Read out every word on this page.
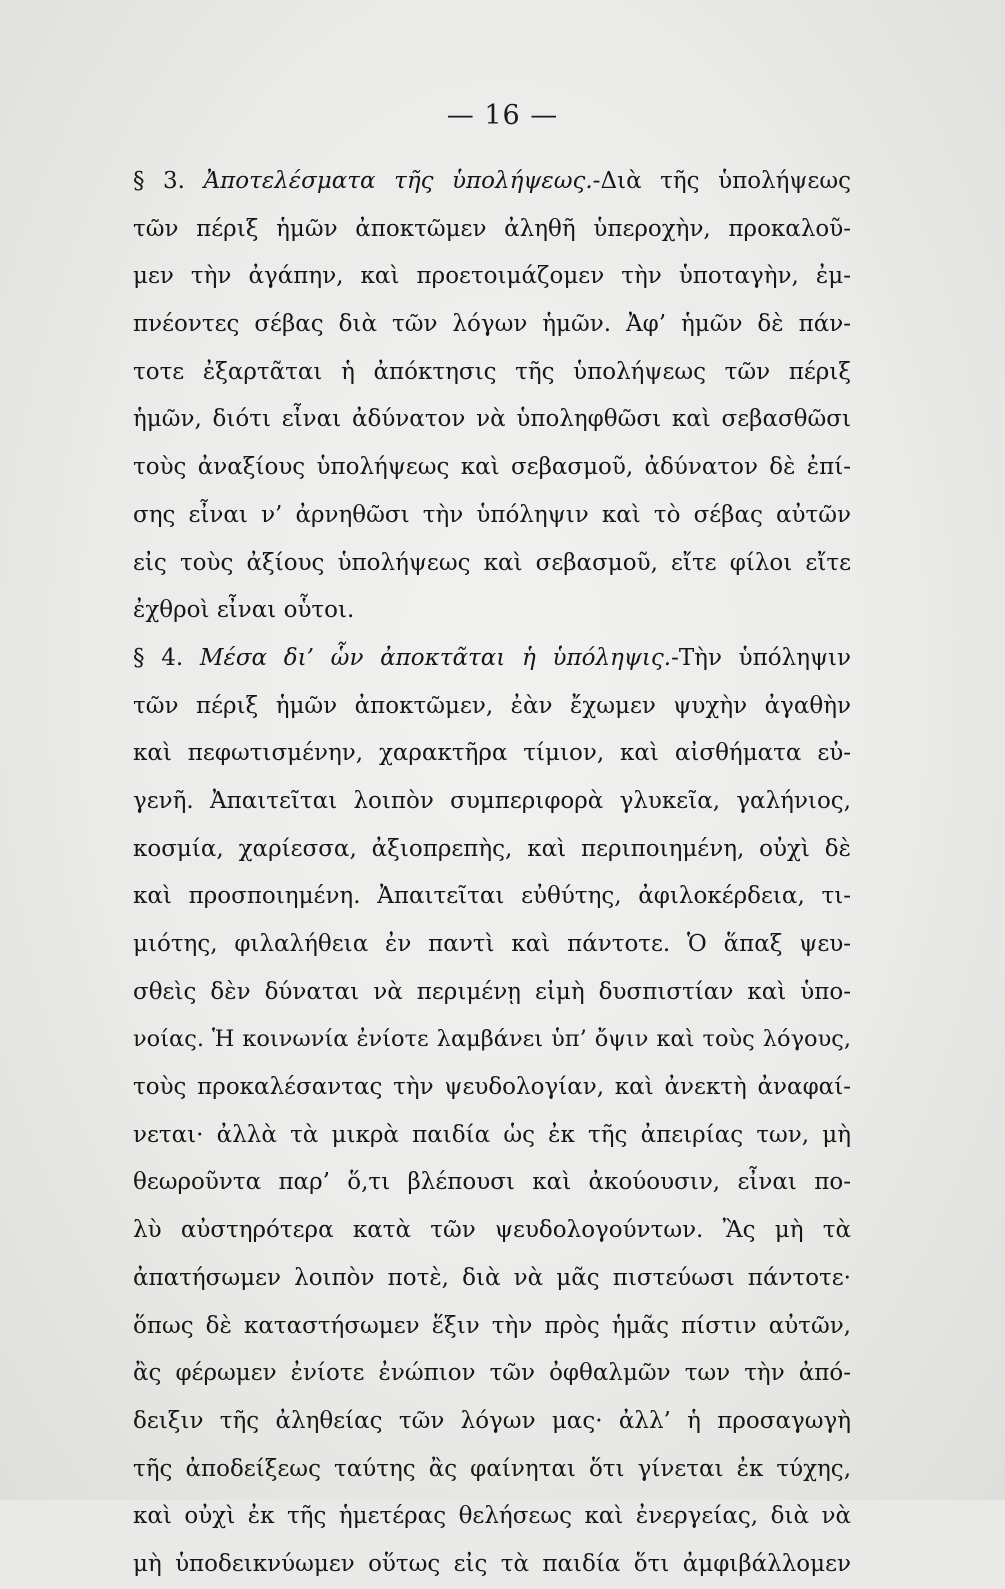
— 16 —
§ 3. Ἀποτελέσματα τῆς ὑπολήψεως.-Διὰ τῆς ὑπολήψεως
τῶν πέριξ ἡμῶν ἀποκτῶμεν ἀληθῆ ὑπεροχὴν, προκαλοῦ-
μεν τὴν ἀγάπην, καὶ προετοιμάζομεν τὴν ὑποταγὴν, ἐμ-
πνέοντες σέβας διὰ τῶν λόγων ἡμῶν. Ἀφ’ ἡμῶν δὲ πάν-
τοτε ἐξαρτᾶται ἡ ἀπόκτησις τῆς ὑπολήψεως τῶν πέριξ
ἡμῶν, διότι εἶναι ἀδύνατον νὰ ὑποληφθῶσι καὶ σεβασθῶσι
τοὺς ἀναξίους ὑπολήψεως καὶ σεβασμοῦ, ἀδύνατον δὲ ἐπί-
σης εἶναι ν’ ἀρνηθῶσι τὴν ὑπόληψιν καὶ τὸ σέβας αὐτῶν
εἰς τοὺς ἀξίους ὑπολήψεως καὶ σεβασμοῦ, εἴτε φίλοι εἴτε
ἐχθροὶ εἶναι οὗτοι.
§ 4. Μέσα δι’ ὧν ἀποκτᾶται ἡ ὑπόληψις.-Τὴν ὑπόληψιν
τῶν πέριξ ἡμῶν ἀποκτῶμεν, ἐὰν ἔχωμεν ψυχὴν ἀγαθὴν
καὶ πεφωτισμένην, χαρακτῆρα τίμιον, καὶ αἰσθήματα εὐ-
γενῆ. Ἀπαιτεῖται λοιπὸν συμπεριφορὰ γλυκεῖα, γαλήνιος,
κοσμία, χαρίεσσα, ἀξιοπρεπὴς, καὶ περιποιημένη, οὐχὶ δὲ
καὶ προσποιημένη. Ἀπαιτεῖται εὐθύτης, ἀφιλοκέρδεια, τι-
μιότης, φιλαλήθεια ἐν παντὶ καὶ πάντοτε. Ὁ ἅπαξ ψευ-
σθεὶς δὲν δύναται νὰ περιμένῃ εἰμὴ δυσπιστίαν καὶ ὑπο-
νοίας. Ἡ κοινωνία ἐνίοτε λαμβάνει ὑπ’ ὄψιν καὶ τοὺς λόγους,
τοὺς προκαλέσαντας τὴν ψευδολογίαν, καὶ ἀνεκτὴ ἀναφαί-
νεται· ἀλλὰ τὰ μικρὰ παιδία ὡς ἐκ τῆς ἀπειρίας των, μὴ
θεωροῦντα παρ’ ὅ,τι βλέπουσι καὶ ἀκούουσιν, εἶναι πο-
λὺ αὐστηρότερα κατὰ τῶν ψευδολογούντων. Ἂς μὴ τὰ
ἀπατήσωμεν λοιπὸν ποτὲ, διὰ νὰ μᾶς πιστεύωσι πάντοτε·
ὅπως δὲ καταστήσωμεν ἕξιν τὴν πρὸς ἡμᾶς πίστιν αὐτῶν,
ἂς φέρωμεν ἐνίοτε ἐνώπιον τῶν ὀφθαλμῶν των τὴν ἀπό-
δειξιν τῆς ἀληθείας τῶν λόγων μας· ἀλλ’ ἡ προσαγωγὴ
τῆς ἀποδείξεως ταύτης ἂς φαίνηται ὅτι γίνεται ἐκ τύχης,
καὶ οὐχὶ ἐκ τῆς ἡμετέρας θελήσεως καὶ ἐνεργείας, διὰ νὰ
μὴ ὑποδεικνύωμεν οὕτως εἰς τὰ παιδία ὅτι ἀμφιβάλλομεν
